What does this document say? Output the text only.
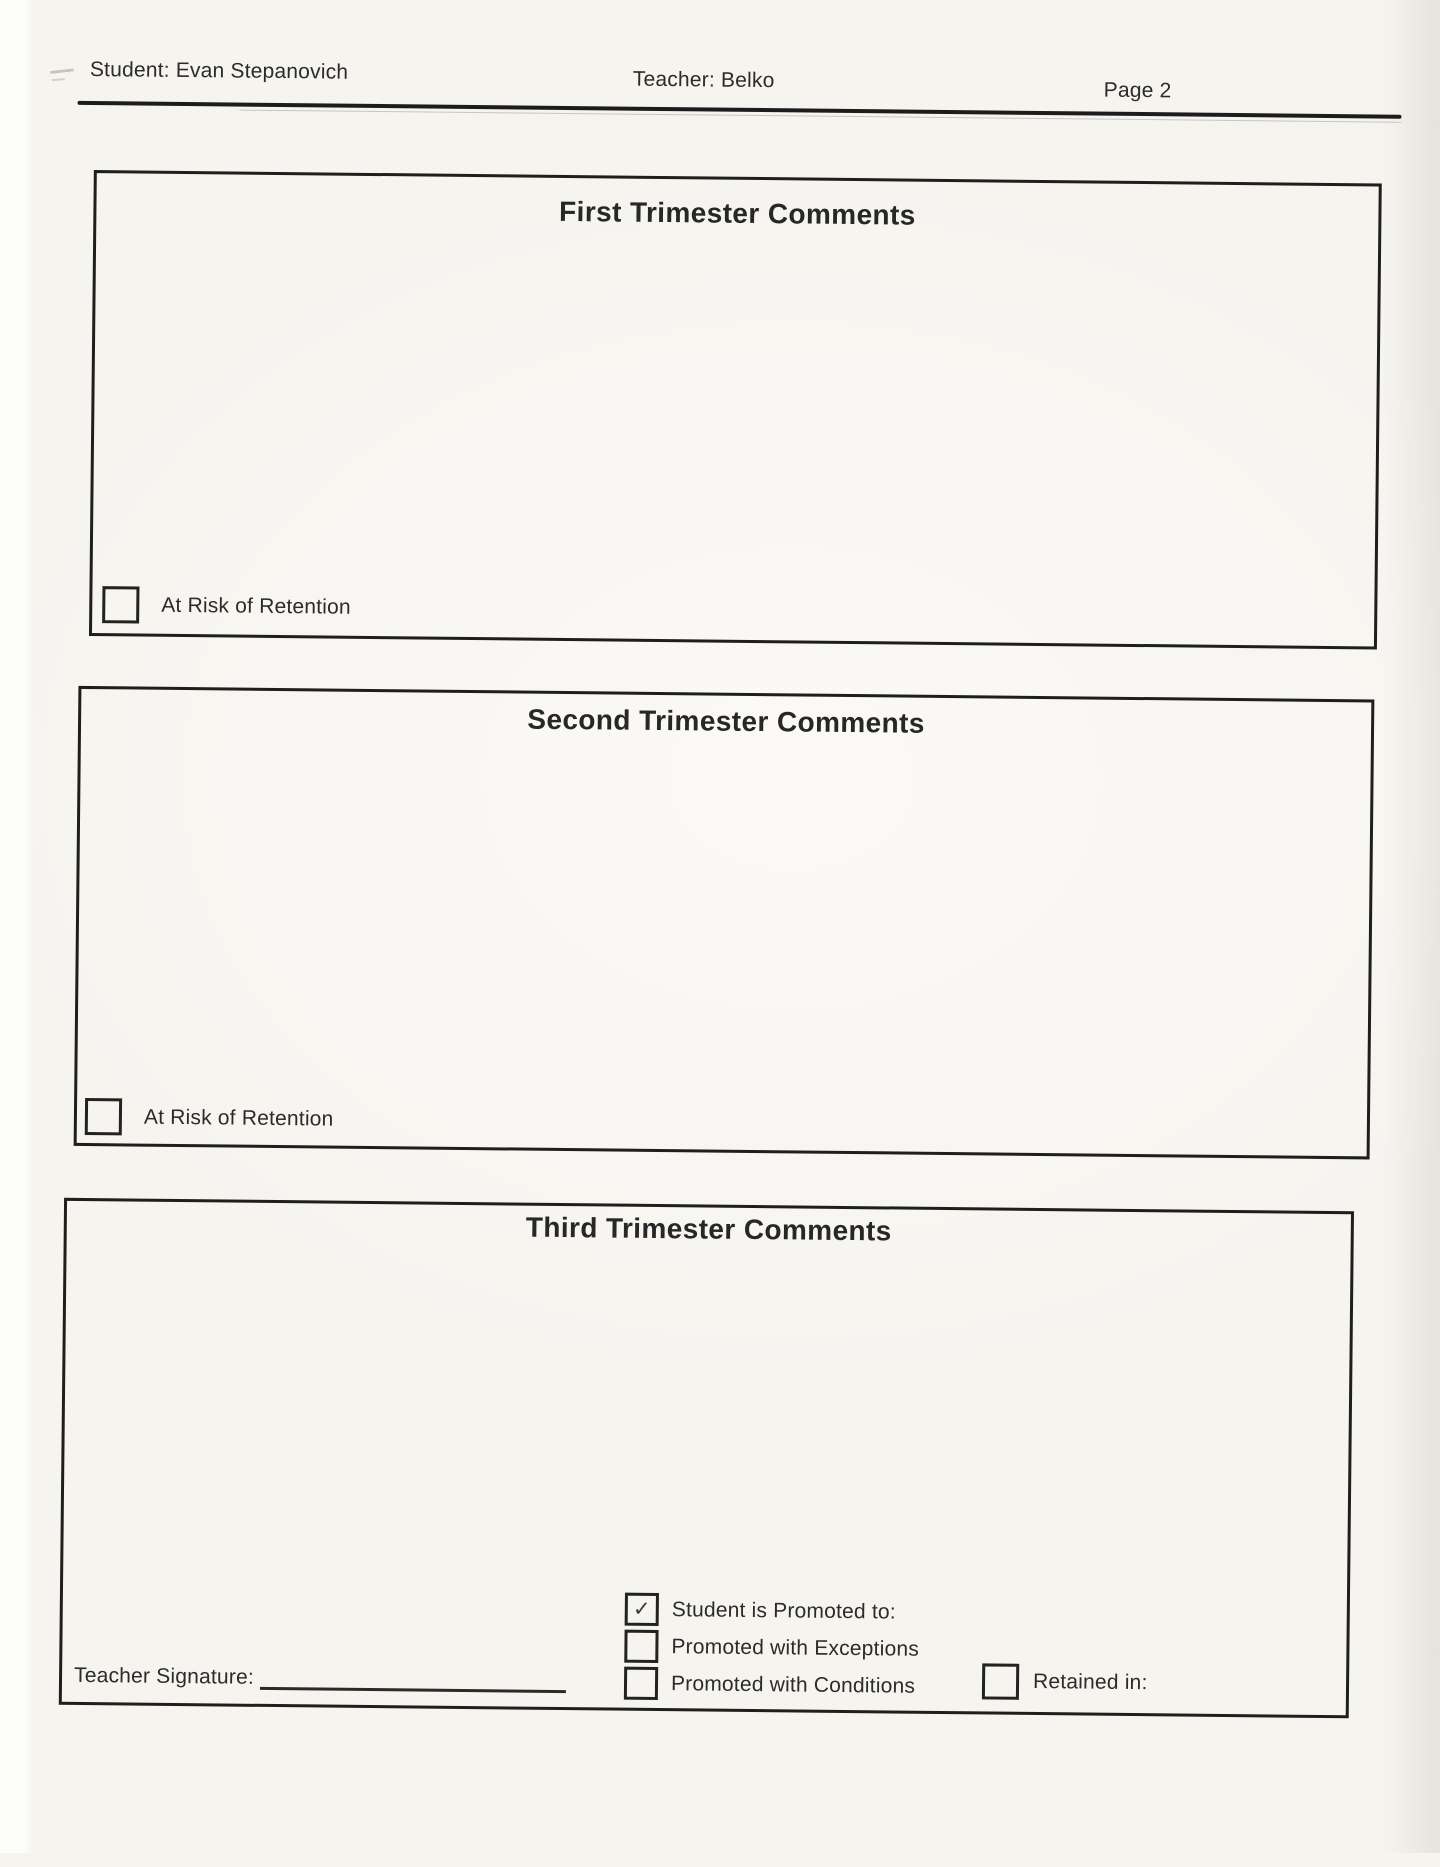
Student: Evan Stepanovich	Teacher: Belko	Page 2
First Trimester Comments
At Risk of Retention
Second Trimester Comments
At Risk of Retention
Third Trimester Comments
✓ Student is Promoted to:
Promoted with Exceptions
Promoted with Conditions	Retained in:
Teacher Signature:
